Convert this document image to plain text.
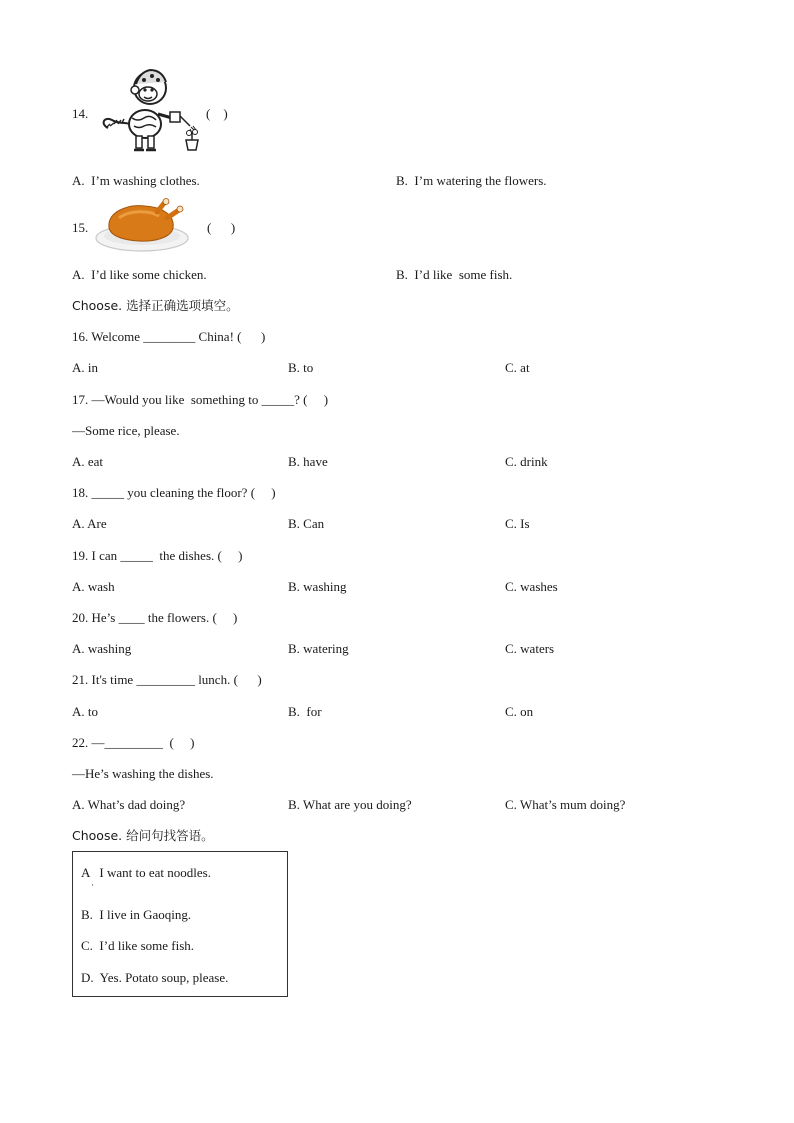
14.	(    )
A.  I’m washing clothes.	B.  I’m watering the flowers.
15.	(      )
A.  I’d like some chicken.	B.  I’d like  some fish.
Choose. 选择正确选项填空。
16. Welcome ________ China! (      )
A. in	B. to	C. at
17. —Would you like  something to _____? (     )
—Some rice, please.
A. eat	B. have	C. drink
18. _____ you cleaning the floor? (     )
A. Are	B. Can	C. Is
19. I can _____  the dishes. (     )
A. wash	B. washing	C. washes
20. He’s ____ the flowers. (     )
A. washing	B. watering	C. waters
21. It's time _________ lunch. (      )
A. to	B.  for	C. on
22. —_________  (     )
—He’s washing the dishes.
A. What’s dad doing?	B. What are you doing?	C. What’s mum doing?
Choose. 给问句找答语。
A   I want to eat noodles.
B.  I live in Gaoqing.
C.  I’d like some fish.
D.  Yes. Potato soup, please.
·
